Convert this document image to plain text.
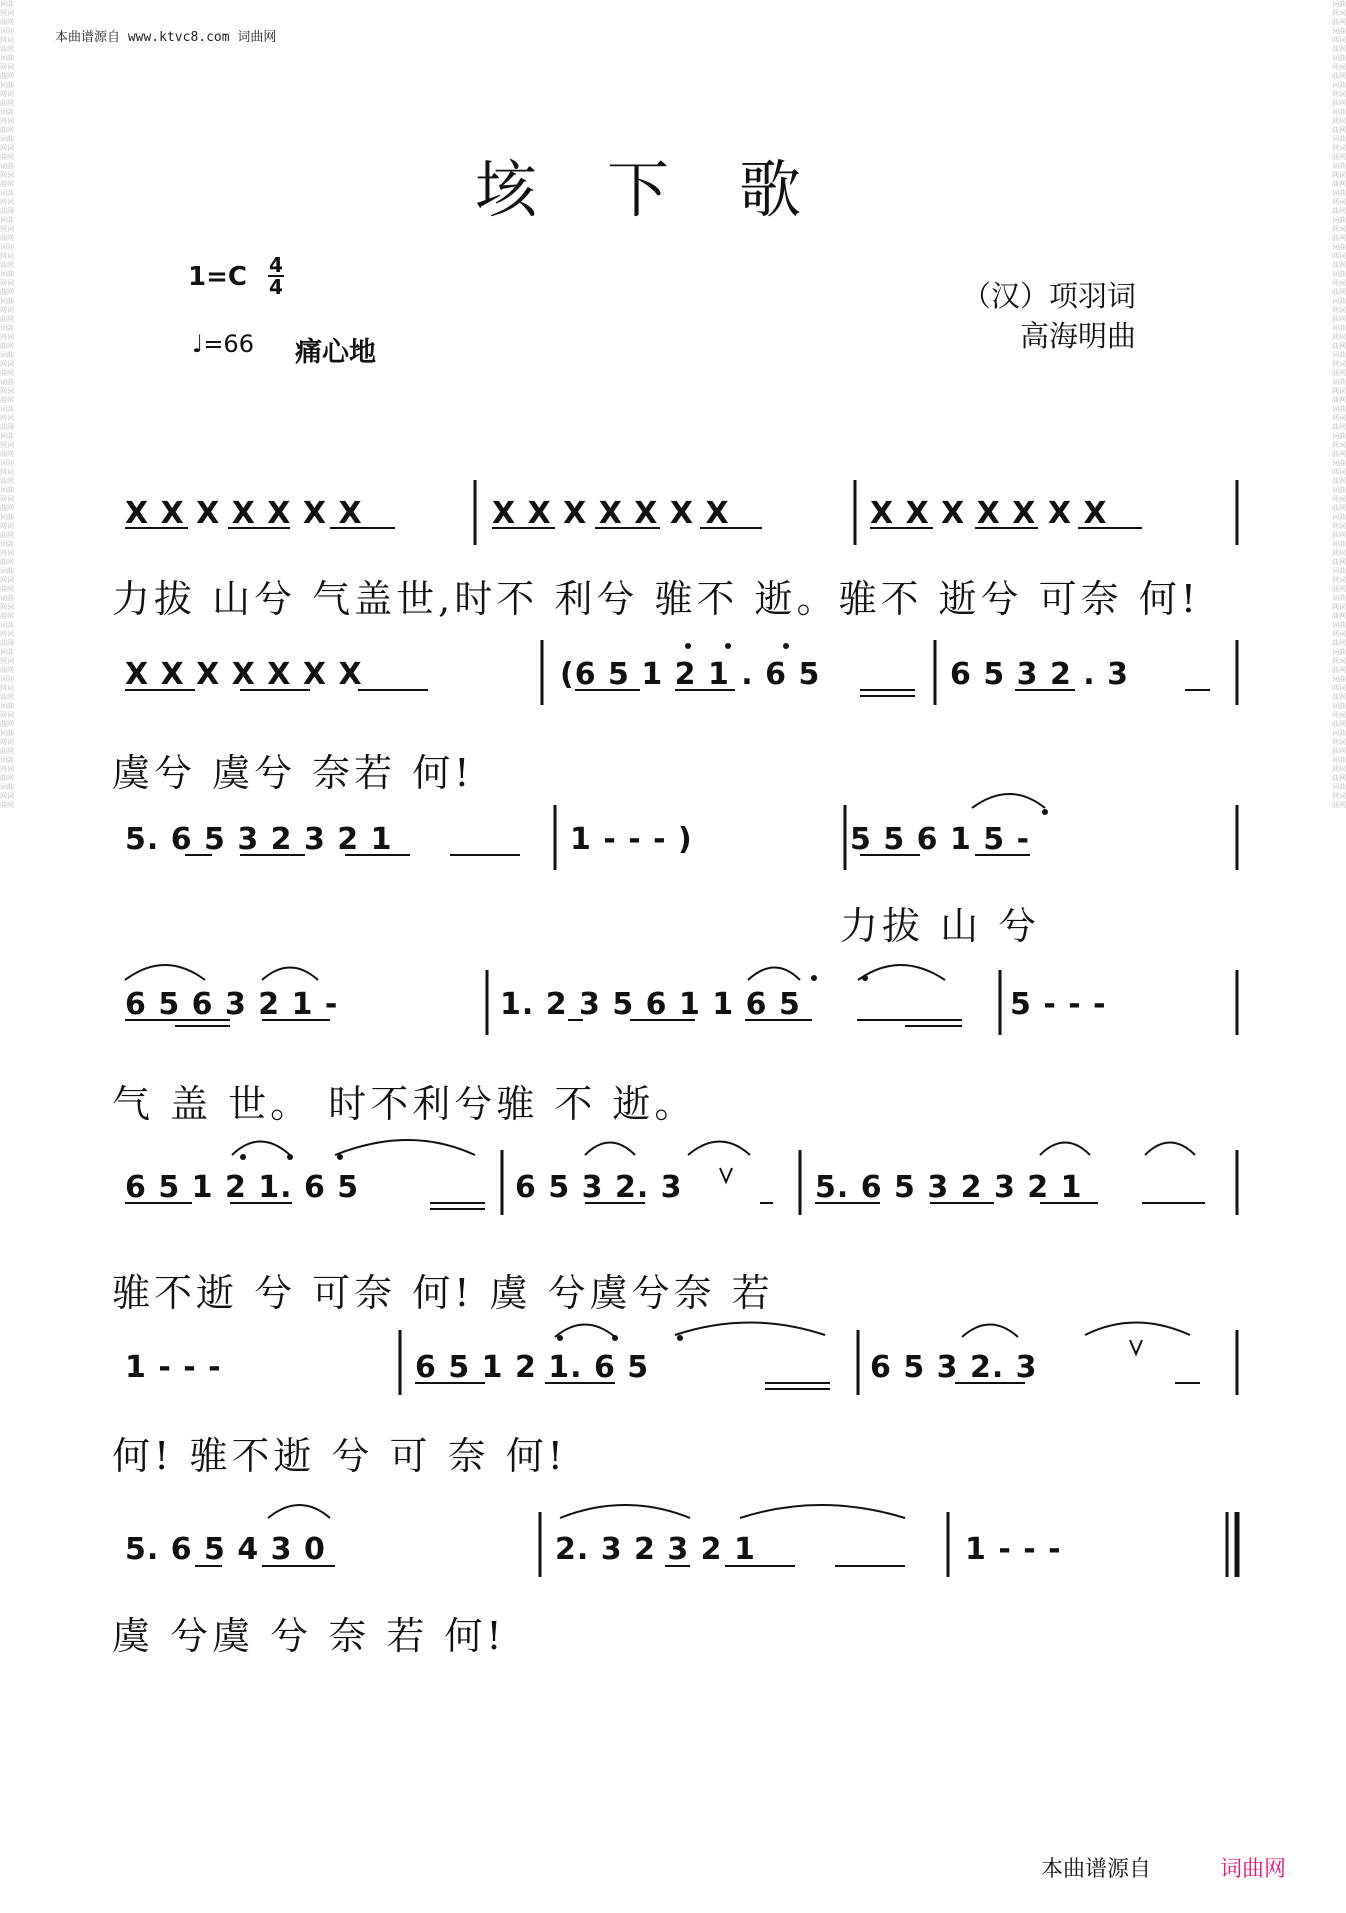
本曲谱源自 www.ktvc8.com 词曲网
词曲网词曲网词曲网词曲网词曲网词曲网词曲网词曲网词曲网词曲网词曲网词曲网词曲网词曲网词曲网词曲网词曲网词曲网词曲网词曲网词曲网词曲网词曲网词曲网词曲网词曲网词曲网词曲网词曲网词曲网词曲网词曲网词曲网词曲网词曲网词曲网词曲网词曲网词曲网词曲网词曲网词曲网词曲网词曲网词曲网词曲网词曲网词曲网词曲网词曲网词曲网词曲网词曲网词曲网词曲网词曲网词曲网词曲网词曲网词曲网
词曲网词曲网词曲网词曲网词曲网词曲网词曲网词曲网词曲网词曲网词曲网词曲网词曲网词曲网词曲网词曲网词曲网词曲网词曲网词曲网词曲网词曲网词曲网词曲网词曲网词曲网词曲网词曲网词曲网词曲网词曲网词曲网词曲网词曲网词曲网词曲网词曲网词曲网词曲网词曲网词曲网词曲网词曲网词曲网词曲网词曲网词曲网词曲网词曲网词曲网词曲网词曲网词曲网词曲网词曲网词曲网词曲网词曲网词曲网词曲网
垓下歌
1=C 4
4
♩=66 痛心地
（汉）项羽词
高海明曲
X X X X X X X	X X X X X X X	X X X X X X X
力拔 山兮 气盖世,时不 利兮 骓不 逝。骓不 逝兮 可奈 何!
X X X X X X X	(6 5 1 2 1 . 6 5	6 5 3 2 . 3
虞兮 虞兮 奈若 何!
5. 6 5 3 2 3 2 1	1 - - - )	5 5 6 1 5 -
力拔 山 兮
6 5 6 3 2 1 -	1. 2 3 5 6 1 1 6 5	5 - - -
气 盖 世。 时不利兮骓 不 逝。
6 5 1 2 1. 6 5	6 5 3 2. 3	5. 6 5 3 2 3 2 1
骓不逝 兮 可奈 何! 虞 兮虞兮奈 若
1 - - -	6 5 1 2 1. 6 5	6 5 3 2. 3
何! 骓不逝 兮 可 奈 何!
5. 6 5 4 3 0	2. 3 2 3 2 1	1 - - -
虞 兮虞 兮 奈 若 何!
本曲谱源自	词曲网
